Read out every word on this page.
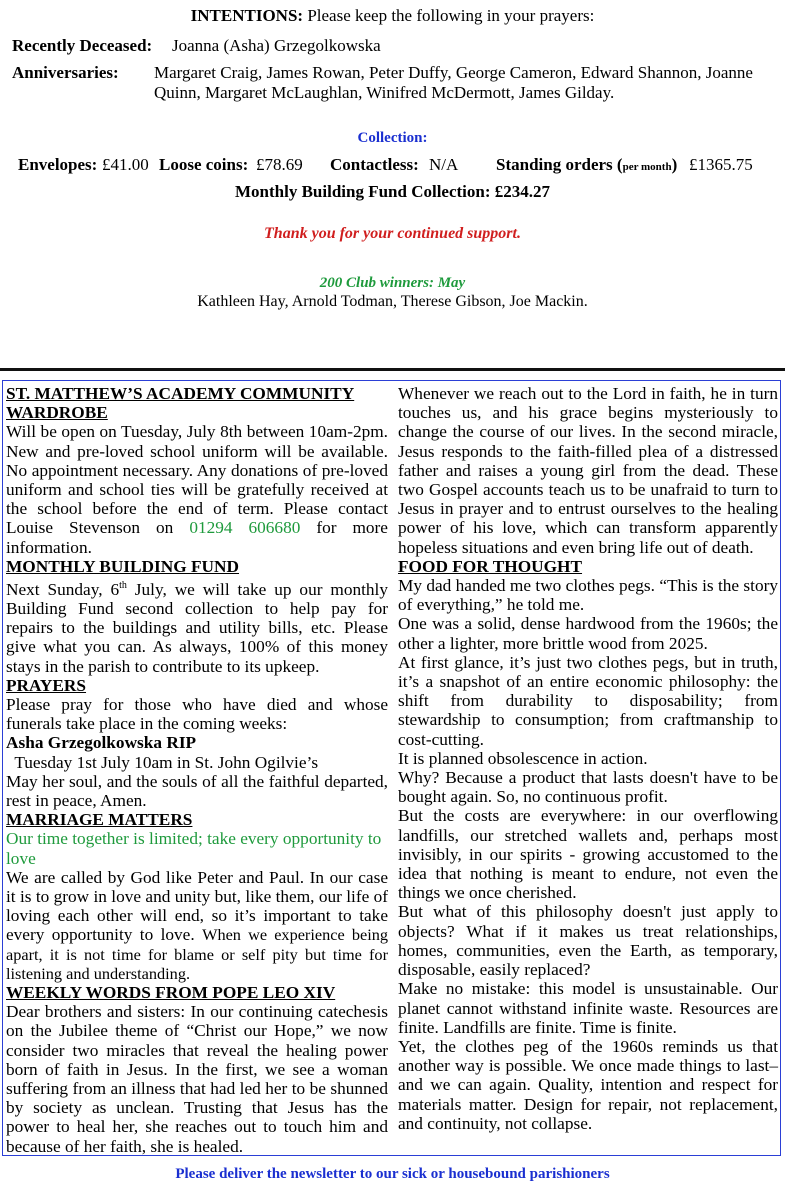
INTENTIONS: Please keep the following in your prayers:
Recently Deceased: Joanna (Asha) Grzegolkowska
Anniversaries: Margaret Craig, James Rowan, Peter Duffy, George Cameron, Edward Shannon, Joanne Quinn, Margaret McLaughlan, Winifred McDermott, James Gilday.
Collection:
Envelopes: £41.00 Loose coins: £78.69 Contactless: N/A Standing orders (per month) £1365.75
Monthly Building Fund Collection: £234.27
Thank you for your continued support.
200 Club winners: May
Kathleen Hay, Arnold Todman, Therese Gibson, Joe Mackin.

ST. MATTHEW’S ACADEMY COMMUNITY WARDROBE

Will be open on Tuesday, July 8th between 10am-2pm. New and pre-loved school uniform will be available. No appointment necessary. Any donations of pre-loved uniform and school ties will be gratefully received at the school before the end of term. Please contact Louise Stevenson on 01294 606680 for more information.

MONTHLY BUILDING FUND

Next Sunday, 6th July, we will take up our monthly Building Fund second collection to help pay for repairs to the buildings and utility bills, etc. Please give what you can. As always, 100% of this money stays in the parish to contribute to its upkeep.

PRAYERS

Please pray for those who have died and whose funerals take place in the coming weeks:

Asha Grzegolkowska RIP  Tuesday 1st July 10am in St. John Ogilvie’s

May her soul, and the souls of all the faithful departed, rest in peace, Amen.

MARRIAGE MATTERS

Our time together is limited; take every opportunity to love

We are called by God like Peter and Paul. In our case it is to grow in love and unity but, like them, our life of loving each other will end, so it’s important to take every opportunity to love. When we experience being apart, it is not time for blame or self pity but time for listening and understanding.

WEEKLY WORDS FROM POPE LEO XIV

Dear brothers and sisters: In our continuing catechesis on the Jubilee theme of “Christ our Hope,” we now consider two miracles that reveal the healing power born of faith in Jesus. In the first, we see a woman suffering from an illness that had led her to be shunned by society as unclean. Trusting that Jesus has the power to heal her, she reaches out to touch him and because of her faith, she is healed.

Whenever we reach out to the Lord in faith, he in turn touches us, and his grace begins mysteriously to change the course of our lives. In the second miracle, Jesus responds to the faith-filled plea of a distressed father and raises a young girl from the dead. These two Gospel accounts teach us to be unafraid to turn to Jesus in prayer and to entrust ourselves to the healing power of his love, which can transform apparently hopeless situations and even bring life out of death.

FOOD FOR THOUGHT

My dad handed me two clothes pegs. “This is the story of everything,” he told me.

One was a solid, dense hardwood from the 1960s; the other a lighter, more brittle wood from 2025.

At first glance, it’s just two clothes pegs, but in truth, it’s a snapshot of an entire economic philosophy: the shift from durability to disposability; from stewardship to consumption; from craftmanship to cost-cutting.

It is planned obsolescence in action.

Why? Because a product that lasts doesn't have to be bought again. So, no continuous profit.

But the costs are everywhere: in our overflowing landfills, our stretched wallets and, perhaps most invisibly, in our spirits - growing accustomed to the idea that nothing is meant to endure, not even the things we once cherished.

But what of this philosophy doesn't just apply to objects? What if it makes us treat relationships, homes, communities, even the Earth, as temporary, disposable, easily replaced?

Make no mistake: this model is unsustainable. Our planet cannot withstand infinite waste. Resources are finite. Landfills are finite. Time is finite.

Yet, the clothes peg of the 1960s reminds us that another way is possible. We once made things to last– and we can again. Quality, intention and respect for materials matter. Design for repair, not replacement, and continuity, not collapse.

Please deliver the newsletter to our sick or housebound parishioners
